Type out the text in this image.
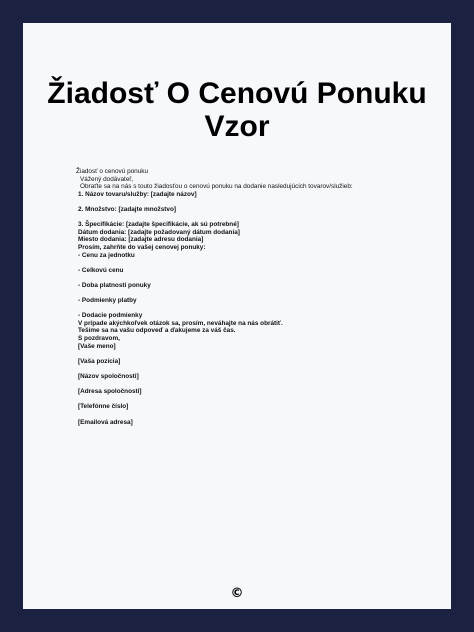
Žiadosť O Cenovú Ponuku
Vzor
Žiadosť o cenovú ponuku
Vážený dodávateľ,
Obraťte sa na nás s touto žiadosťou o cenovú ponuku na dodanie nasledujúcich tovarov/služieb:
1. Názov tovaru/služby: [zadajte názov]
2. Množstvo: [zadajte množstvo]
3. Špecifikácie: [zadajte špecifikácie, ak sú potrebné]
Dátum dodania: [zadajte požadovaný dátum dodania]
Miesto dodania: [zadajte adresu dodania]
Prosím, zahrňte do vašej cenovej ponuky:
- Cenu za jednotku
- Celkovú cenu
- Doba platnosti ponuky
- Podmienky platby
- Dodacie podmienky
V prípade akýchkoľvek otázok sa, prosím, neváhajte na nás obrátiť.
Tešíme sa na vašu odpoveď a ďakujeme za váš čas.
S pozdravom,
[Vaše meno]
[Vaša pozícia]
[Názov spoločnosti]
[Adresa spoločnosti]
[Telefónne číslo]
[Emailová adresa]
©
